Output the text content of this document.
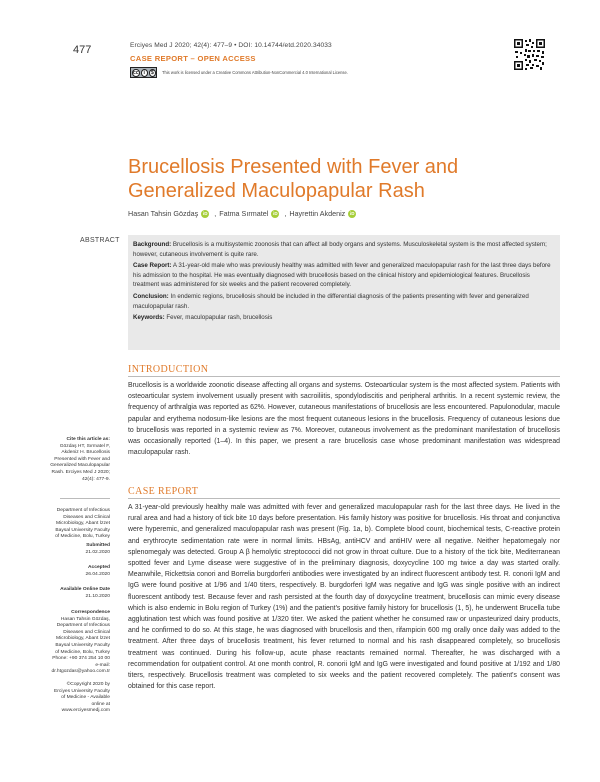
477	Erciyes Med J 2020; 42(4): 477–9 • DOI: 10.14744/etd.2020.34033
CASE REPORT – OPEN ACCESS
cc i	$	This work is licensed under a Creative Commons Attribution-NonCommercial 4.0 International License.
Brucellosis Presented with Fever and Generalized Maculopapular Rash
Hasan Tahsin Gözdaş	iD , Fatma Sırmatel	iD , Hayrettin Akdeniz	iD
ABSTRACT

Background: Brucellosis is a multisystemic zoonosis that can affect all body organs and systems. Musculoskeletal system is the most affected system; however, cutaneous involvement is quite rare.

Case Report: A 31-year-old male who was previously healthy was admitted with fever and generalized maculopapular rash for the last three days before his admission to the hospital. He was eventually diagnosed with brucellosis based on the clinical history and epidemiological features. Brucellosis treatment was administered for six weeks and the patient recovered completely.

Conclusion: In endemic regions, brucellosis should be included in the differential diagnosis of the patients presenting with fever and generalized maculopapular rash.

Keywords: Fever, maculopapular rash, brucellosis

INTRODUCTION
Brucellosis is a worldwide zoonotic disease affecting all organs and systems. Osteoarticular system is the most affected system. Patients with osteoarticular system involvement usually present with sacroiliitis, spondylodiscitis and peripheral arthritis. In a recent systemic review, the frequency of arthralgia was reported as 62%. However, cutaneous manifestations of brucellosis are less encountered. Papulonodular, macule papular and erythema nodosum-like lesions are the most frequent cutaneous lesions in the brucellosis. Frequency of cutaneous lesions due to brucellosis was reported in a systemic review as 7%. Moreover, cutaneous involvement as the predominant manifestation of brucellosis was occasionally reported (1–4). In this paper, we present a rare brucellosis case whose predominant manifestation was widespread maculopapular rash.
CASE REPORT
A 31-year-old previously healthy male was admitted with fever and generalized maculopapular rash for the last three days. He lived in the rural area and had a history of tick bite 10 days before presentation. His family history was positive for brucellosis. His throat and conjunctiva were hyperemic, and generalized maculopapular rash was present (Fig. 1a, b). Complete blood count, biochemical tests, C-reactive protein and erythrocyte sedimentation rate were in normal limits. HBsAg, antiHCV and antiHIV were all negative. Neither hepatomegaly nor splenomegaly was detected. Group A β hemolytic streptococci did not grow in throat culture. Due to a history of the tick bite, Mediterranean spotted fever and Lyme disease were suggestive of in the preliminary diagnosis, doxycycline 100 mg twice a day was started orally. Meanwhile, Rickettsia conori and Borrelia burgdorferi antibodies were investigated by an indirect fluorescent antibody test. R. conorii IgM and IgG were found positive at 1/96 and 1/40 titers, respectively. B. burgdorferi IgM was negative and IgG was single positive with an indirect fluorescent antibody test. Because fever and rash persisted at the fourth day of doxycycline treatment, brucellosis can mimic every disease which is also endemic in Bolu region of Turkey (1%) and the patient's positive family history for brucellosis (1, 5), he underwent Brucella tube agglutination test which was found positive at 1/320 titer. We asked the patient whether he consumed raw or unpasteurized dairy products, and he confirmed to do so. At this stage, he was diagnosed with brucellosis and then, rifampicin 600 mg orally once daily was added to the treatment. After three days of brucellosis treatment, his fever returned to normal and his rash disappeared completely, so brucellosis treatment was continued. During his follow-up, acute phase reactants remained normal. Thereafter, he was discharged with a recommendation for outpatient control. At one month control, R. conorii IgM and IgG were investigated and found positive at 1/192 and 1/80 titers, respectively. Brucellosis treatment was completed to six weeks and the patient recovered completely. The patient's consent was obtained for this case report.
Cite this article as:
Gözdaş HT, Sırmatel F, Akdeniz H. Brucellosis Presented with Fever and Generalized Maculopapular Rash. Erciyes Med J 2020; 42(4): 477-9.
Department of Infectious Diseases and Clinical Microbiology, Abant İzzet Baysal University Faculty of Medicine, Bolu, Turkey
Submitted
21.02.2020
Accepted
26.04.2020
Available Online Date
21.10.2020
Correspondence
Hasan Tahsin Gözdaş, Department of Infectious Diseases and Clinical Microbiology, Abant İzzet Baysal University Faculty of Medicine, Bolu, Turkey
Phone: +90 374 254 10 00
e-mail:
dr.htgozdas@yahoo.com.tr
©Copyright 2020 by Erciyes University Faculty of Medicine - Available online at www.erciyesmedj.com
